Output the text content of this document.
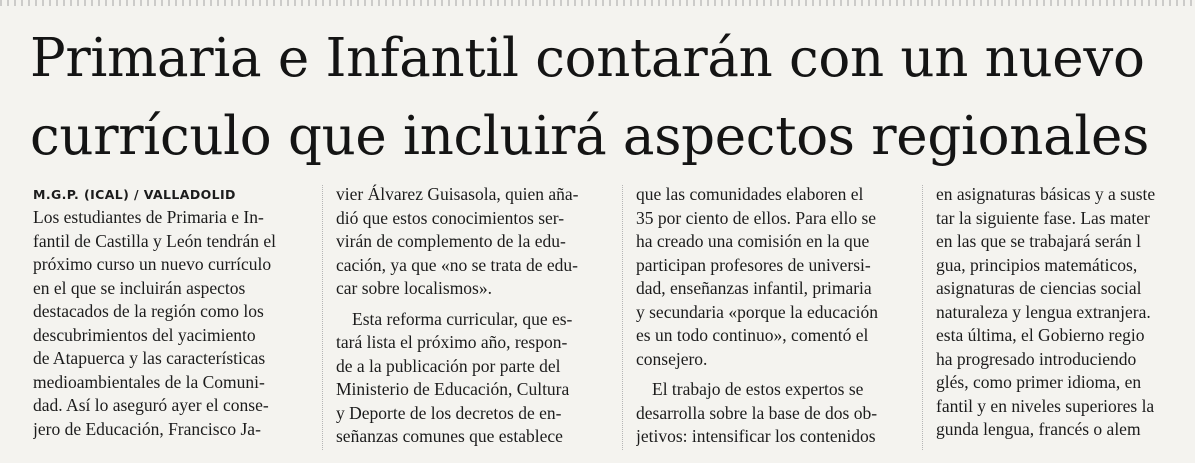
Primaria e Infantil contarán con un nuevo
currículo que incluirá aspectos regionales
M.G.P. (ICAL) / VALLADOLID
Los estudiantes de Primaria e In-
fantil de Castilla y León tendrán el
próximo curso un nuevo currículo
en el que se incluirán aspectos
destacados de la región como los
descubrimientos del yacimiento
de Atapuerca y las características
medioambientales de la Comuni-
dad. Así lo aseguró ayer el conse-
jero de Educación, Francisco Ja-
vier Álvarez Guisasola, quien aña-
dió que estos conocimientos ser-
virán de complemento de la edu-
cación, ya que «no se trata de edu-
car sobre localismos».
Esta reforma curricular, que es-
tará lista el próximo año, respon-
de a la publicación por parte del
Ministerio de Educación, Cultura
y Deporte de los decretos de en-
señanzas comunes que establece
que las comunidades elaboren el
35 por ciento de ellos. Para ello se
ha creado una comisión en la que
participan profesores de universi-
dad, enseñanzas infantil, primaria
y secundaria «porque la educación
es un todo continuo», comentó el
consejero.
El trabajo de estos expertos se
desarrolla sobre la base de dos ob-
jetivos: intensificar los contenidos
en asignaturas básicas y a suste
tar la siguiente fase. Las mater
en las que se trabajará serán l
gua, principios matemáticos,
asignaturas de ciencias social
naturaleza y lengua extranjera.
esta última, el Gobierno regio
ha progresado introduciendo
glés, como primer idioma, en
fantil y en niveles superiores la
gunda lengua, francés o alem
